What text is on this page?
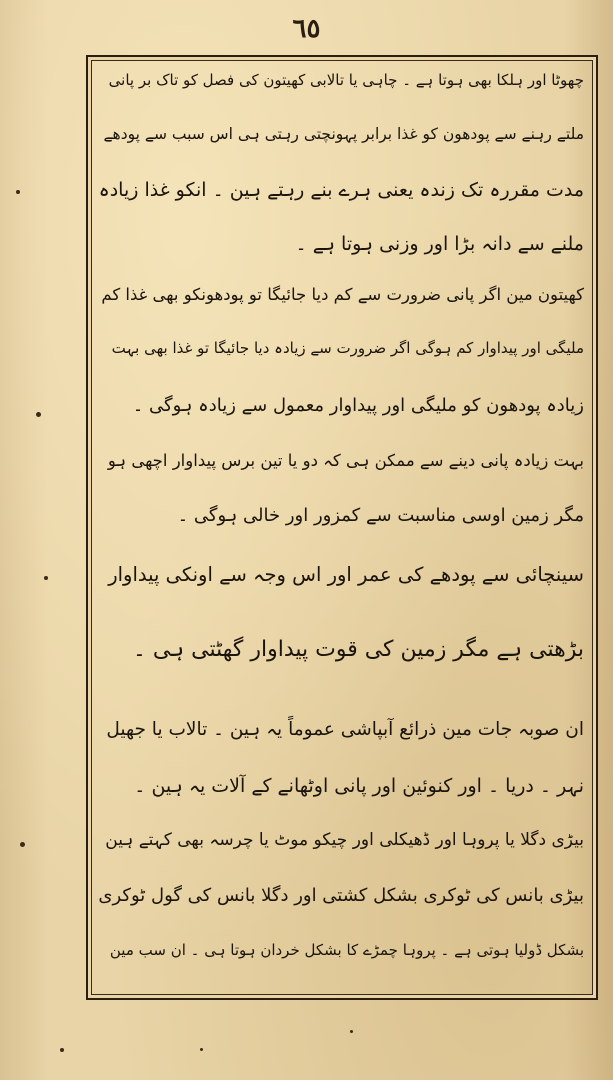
٦٥
چھوٹا اور ہلکا بھی ہوتا ہے ۔ چاہی یا تالابی کھیتون کی فصل کو تاک بر پانی
ملتے رہنے سے پودھون کو غذا برابر پہونچتی رہتی ہی اس سبب سے پودھے
مدت مقررہ تک زندہ یعنی ہرے بنے رہتے ہین ۔ انکو غذا زیادہ
ملنے سے دانہ بڑا اور وزنی ہوتا ہے ۔
کھیتون مین اگر پانی ضرورت سے کم دیا جائیگا تو پودھونکو بھی غذا کم
ملیگی اور پیداوار کم ہوگی اگر ضرورت سے زیادہ دیا جائیگا تو غذا بھی بہت
زیادہ پودھون کو ملیگی اور پیداوار معمول سے زیادہ ہوگی ۔
بہت زیادہ پانی دینے سے ممکن ہی کہ دو یا تین برس پیداوار اچھی ہو
مگر زمین اوسی مناسبت سے کمزور اور خالی ہوگی ۔
سینچائی سے پودھے کی عمر اور اس وجہ سے اونکی پیداوار
بڑھتی ہے مگر زمین کی قوت پیداوار گھٹتی ہی ۔
ان صوبہ جات مین ذرائع آبپاشی عموماً یہ ہین ۔ تالاب یا جھیل
نہر ۔ دریا ۔ اور کنوئین اور پانی اوٹھانے کے آلات یہ ہین ۔
بیڑی دگلا یا پروہا اور ڈھیکلی اور چیکو موٹ یا چرسہ بھی کہتے ہین
بیڑی بانس کی ٹوکری بشکل کشتی اور دگلا بانس کی گول ٹوکری
بشکل ڈولیا ہوتی ہے ۔ پروہا چمڑے کا بشکل خردان ہوتا ہی ۔ ان سب مین
